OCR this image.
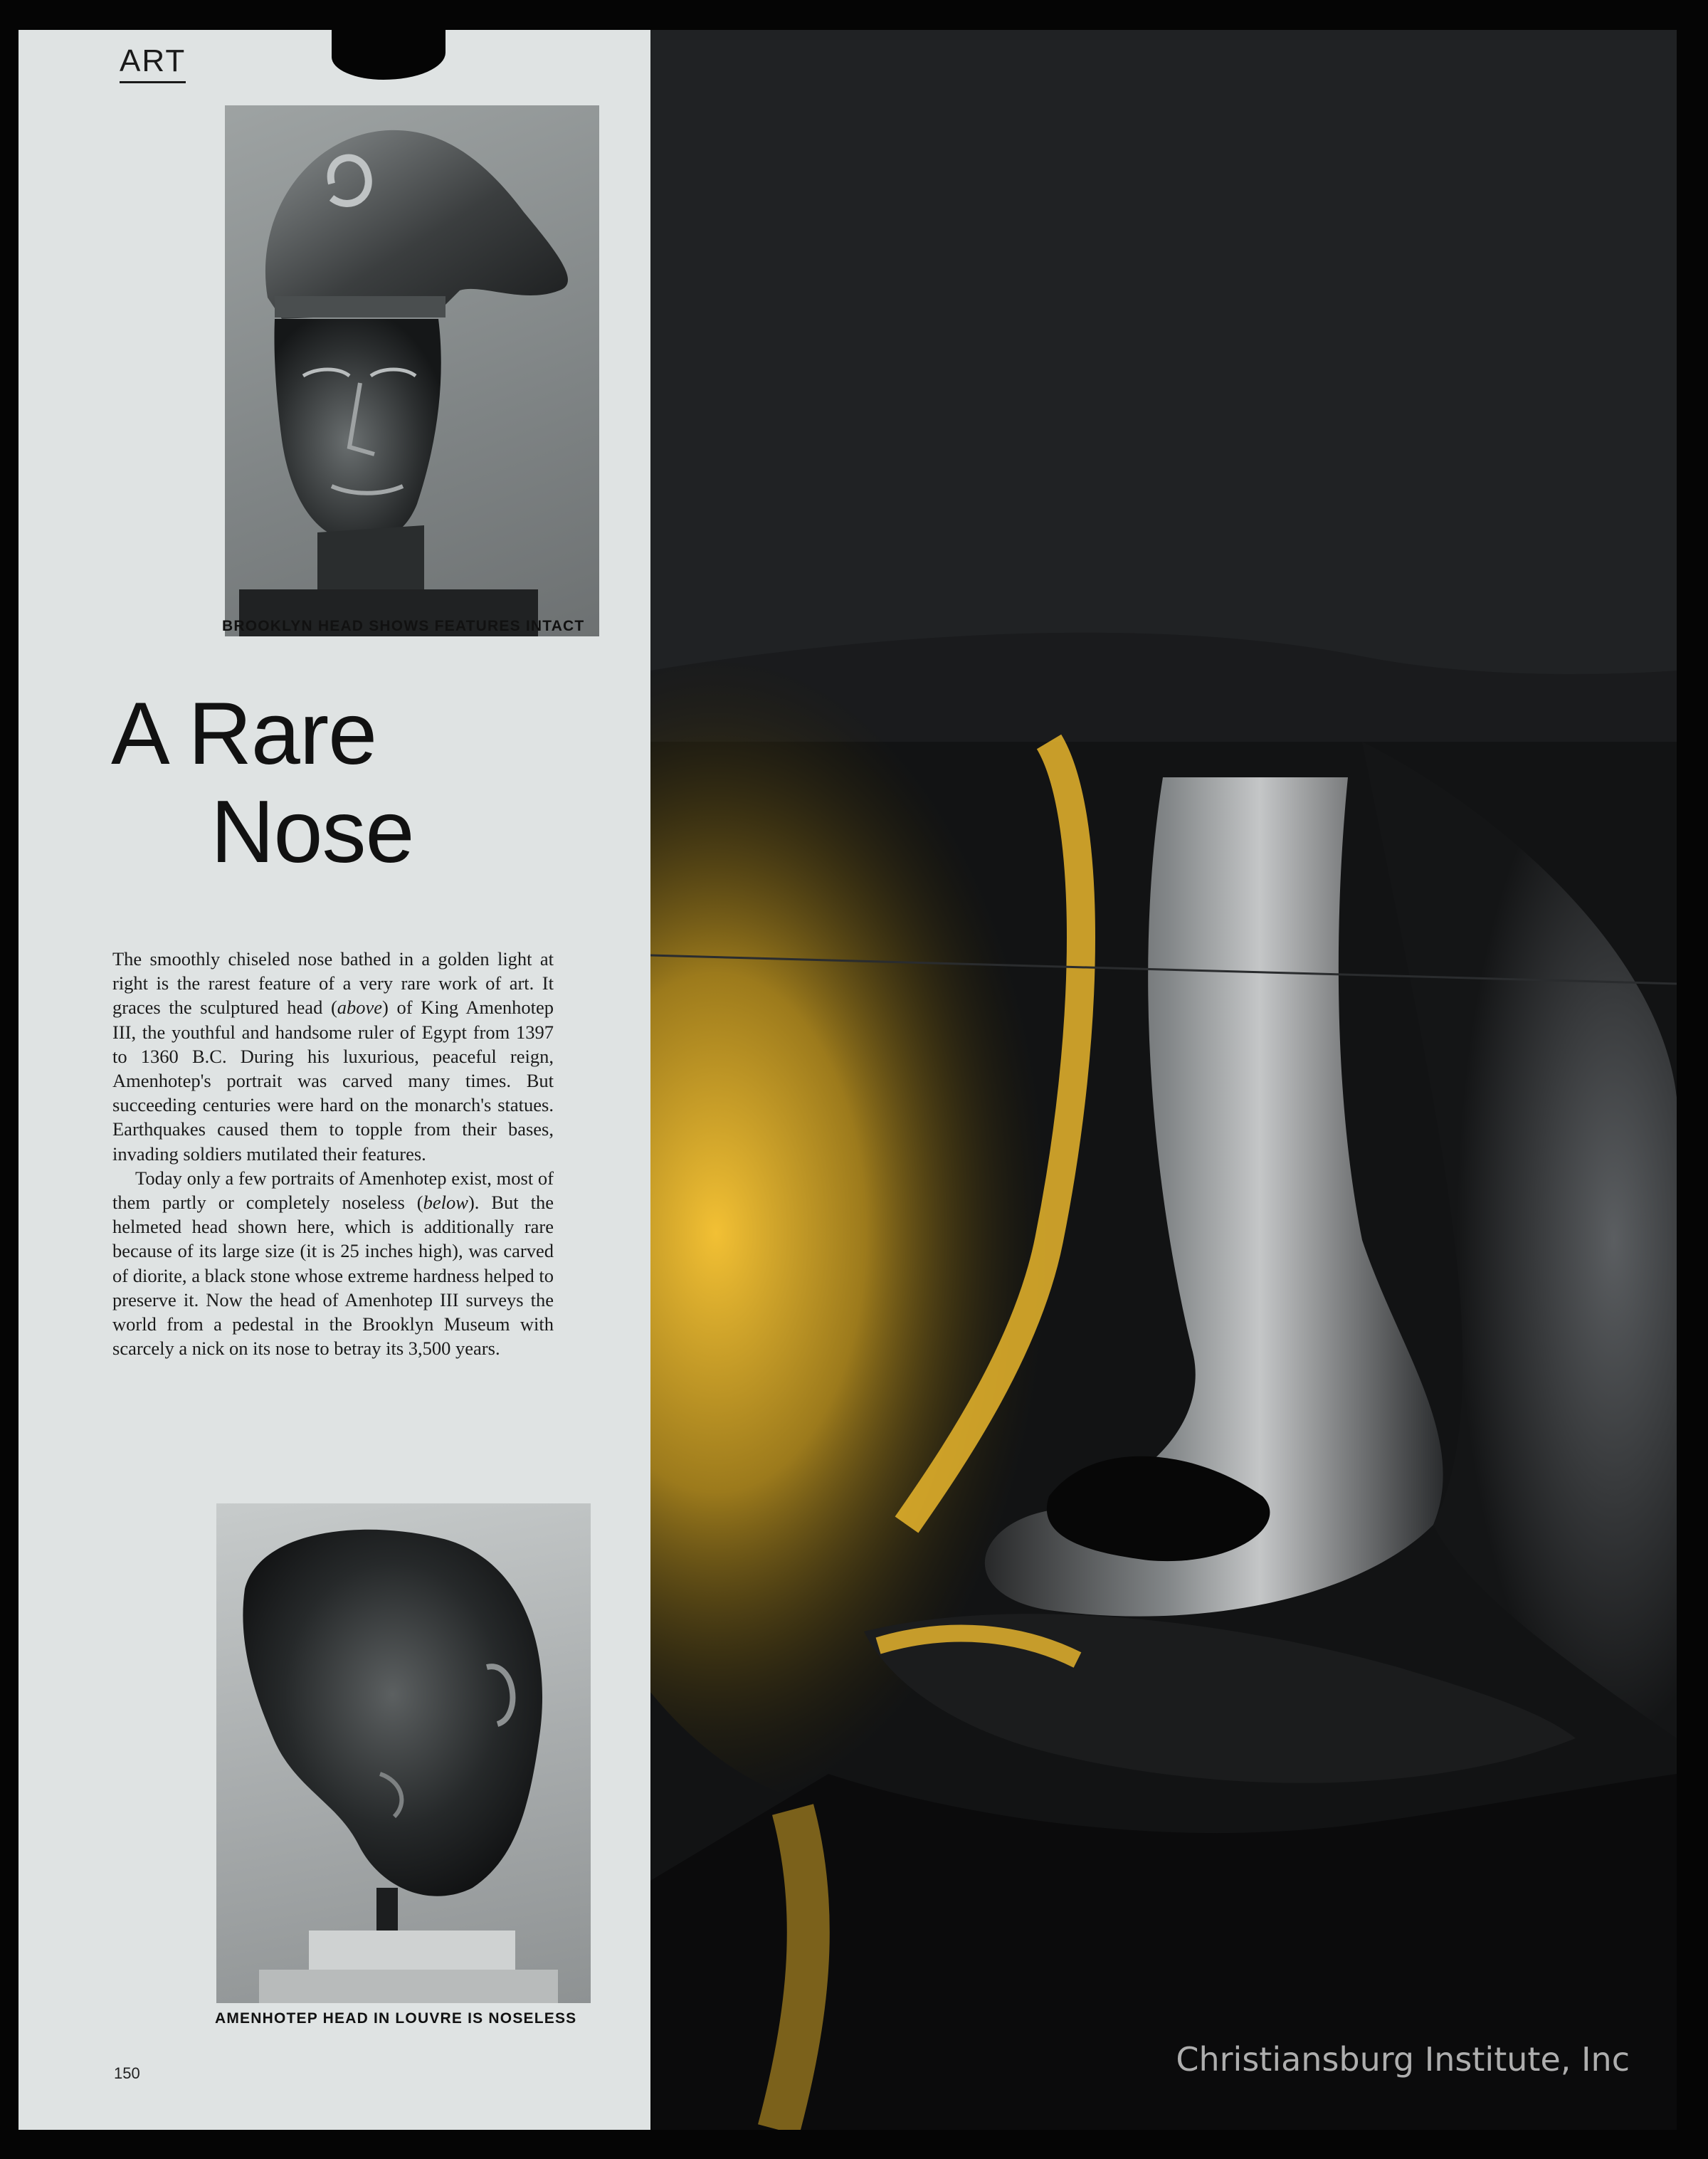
ART
BROOKLYN HEAD SHOWS FEATURES INTACT
A Rare
Nose

The smoothly chiseled nose bathed in a golden light at right is the rarest feature of a very rare work of art. It graces the sculptured head (above) of King Amenhotep III, the youthful and handsome ruler of Egypt from 1397 to 1360 B.C. During his luxurious, peaceful reign, Amenhotep's portrait was carved many times. But succeeding centuries were hard on the monarch's statues. Earthquakes caused them to topple from their bases, invading soldiers mutilated their features.

Today only a few portraits of Amenhotep exist, most of them partly or completely noseless (below). But the helmeted head shown here, which is additionally rare because of its large size (it is 25 inches high), was carved of diorite, a black stone whose extreme hardness helped to preserve it. Now the head of Amenhotep III surveys the world from a pedestal in the Brooklyn Museum with scarcely a nick on its nose to betray its 3,500 years.

AMENHOTEP HEAD IN LOUVRE IS NOSELESS
150	Christiansburg Institute, Inc
